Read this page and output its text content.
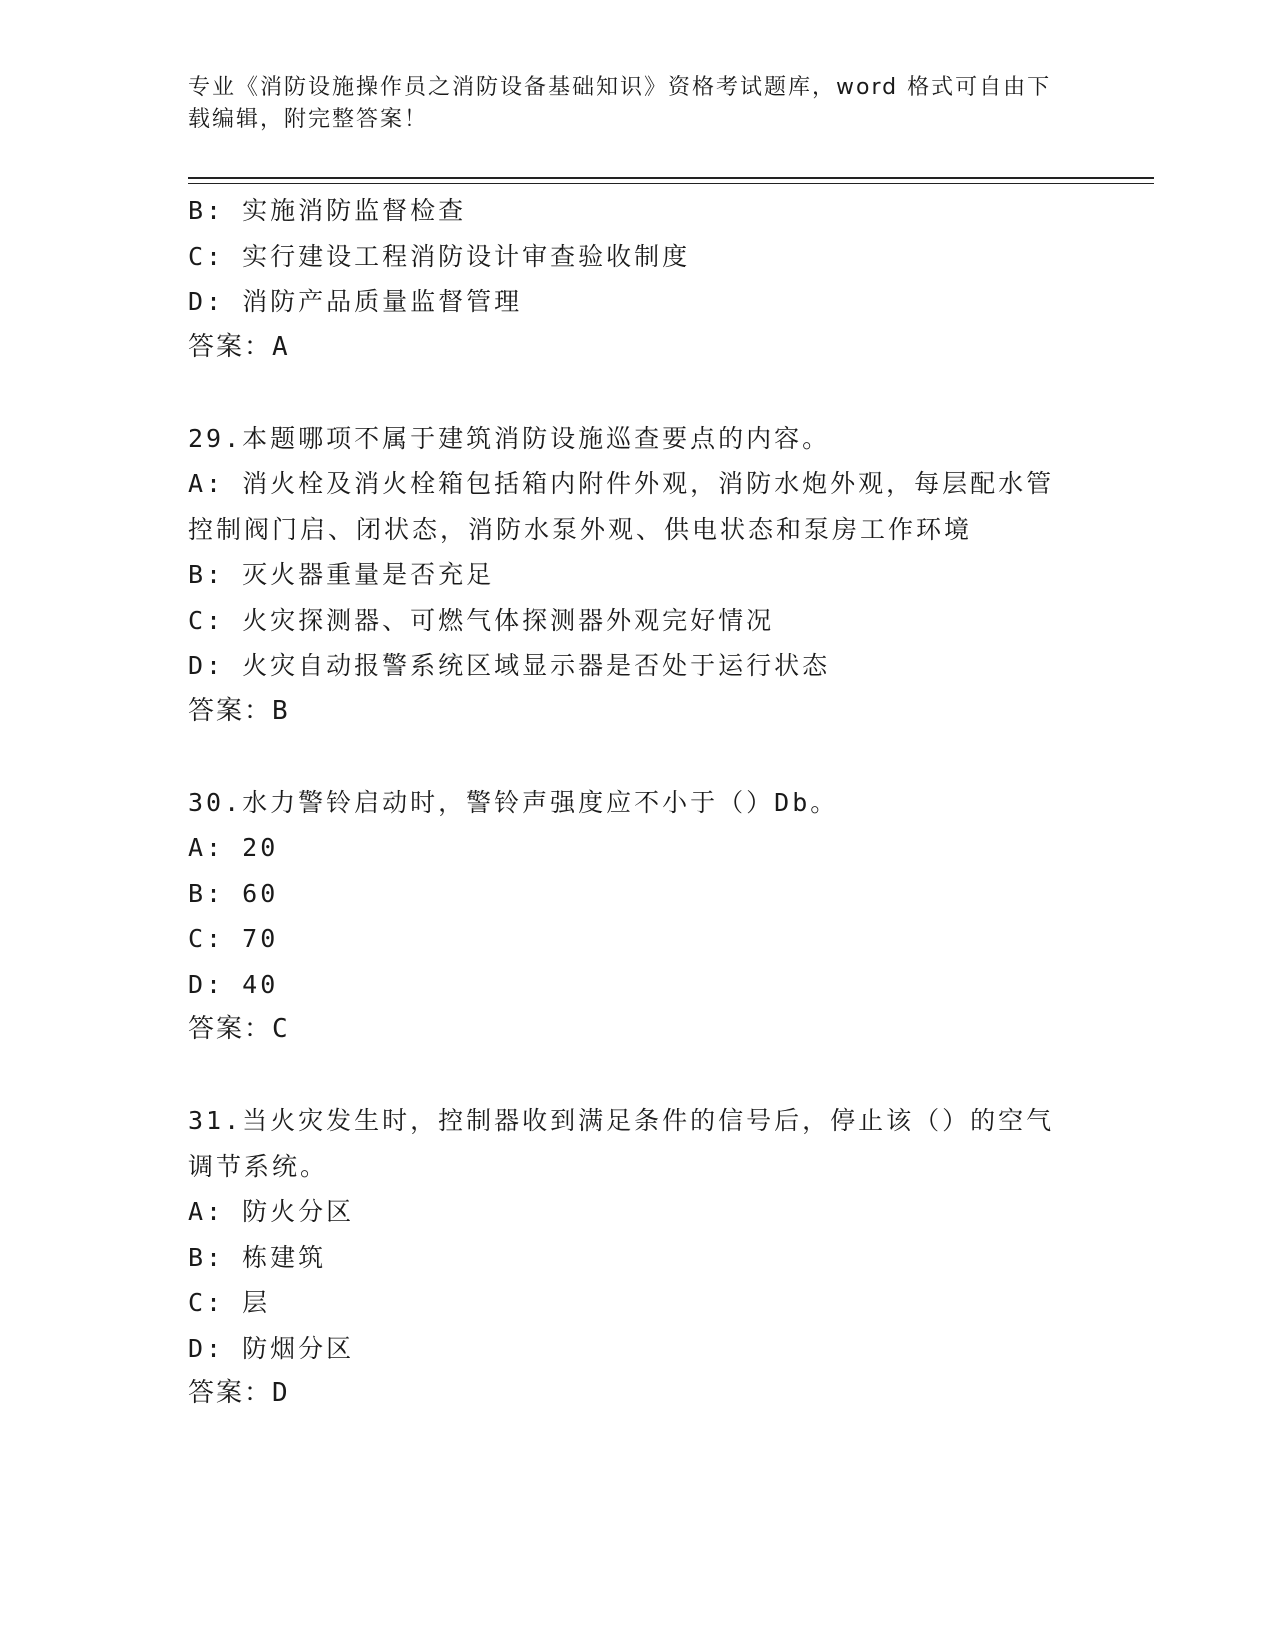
专业《消防设施操作员之消防设备基础知识》资格考试题库，word 格式可自由下
载编辑，附完整答案！
B: 实施消防监督检查
C: 实行建设工程消防设计审查验收制度
D: 消防产品质量监督管理
答案：A
29.本题哪项不属于建筑消防设施巡查要点的内容。
A: 消火栓及消火栓箱包括箱内附件外观，消防水炮外观，每层配水管
控制阀门启、闭状态，消防水泵外观、供电状态和泵房工作环境
B: 灭火器重量是否充足
C: 火灾探测器、可燃气体探测器外观完好情况
D: 火灾自动报警系统区域显示器是否处于运行状态
答案：B
30.水力警铃启动时，警铃声强度应不小于（）Db。
A: 20
B: 60
C: 70
D: 40
答案：C
31.当火灾发生时，控制器收到满足条件的信号后，停止该（）的空气
调节系统。
A: 防火分区
B: 栋建筑
C: 层
D: 防烟分区
答案：D
